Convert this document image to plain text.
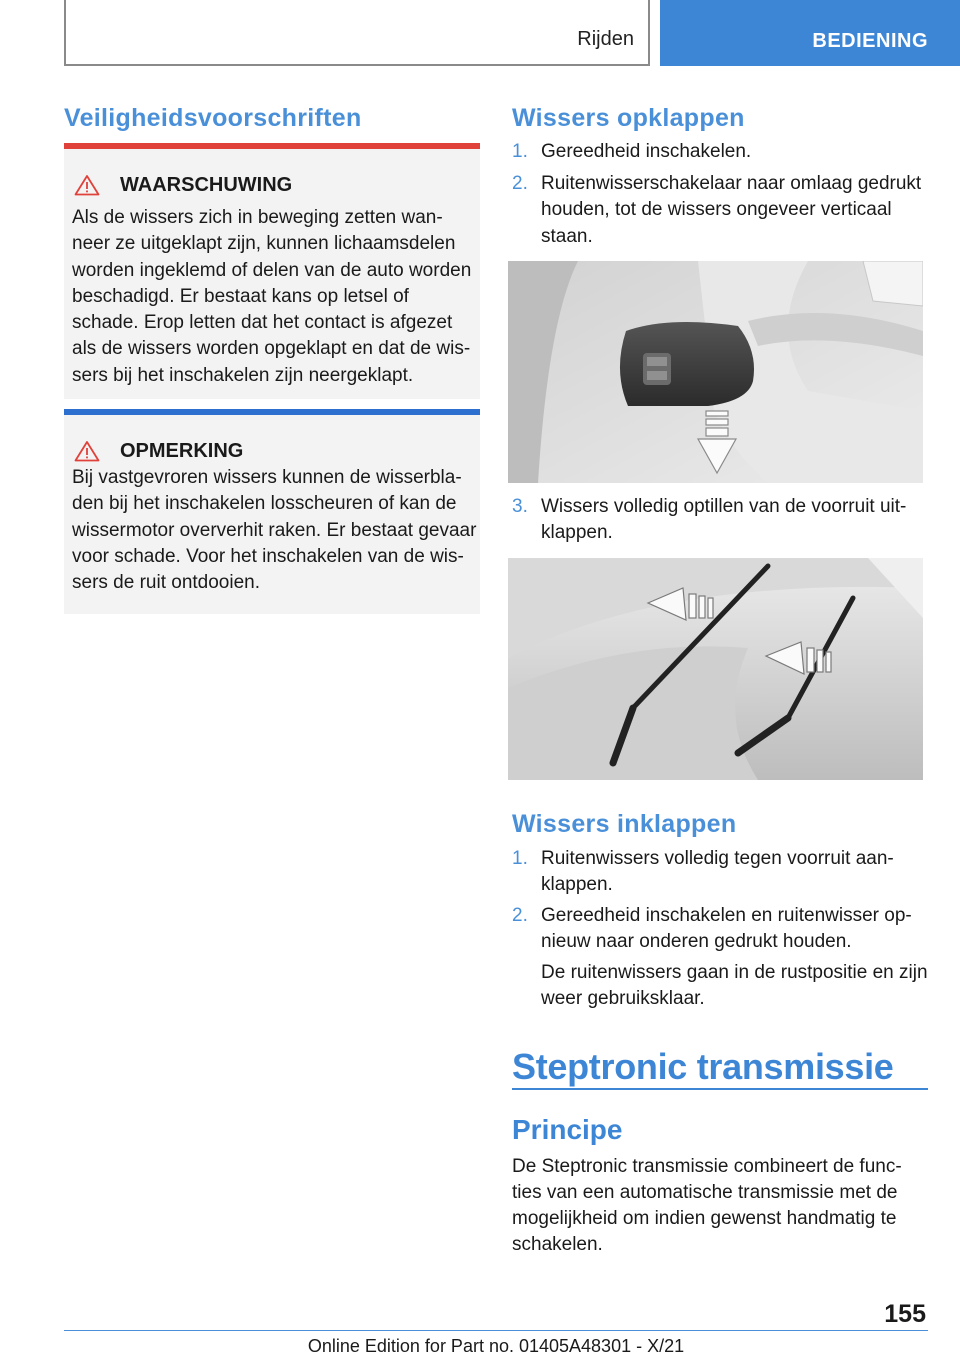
Rijden	BEDIENING
Veiligheidsvoorschriften
WAARSCHUWING
Als de wissers zich in beweging zetten wan-
neer ze uitgeklapt zijn, kunnen lichaamsdelen
worden ingeklemd of delen van de auto worden
beschadigd. Er bestaat kans op letsel of
schade. Erop letten dat het contact is afgezet
als de wissers worden opgeklapt en dat de wis-
sers bij het inschakelen zijn neergeklapt.
OPMERKING
Bij vastgevroren wissers kunnen de wisserbla-
den bij het inschakelen losscheuren of kan de
wissermotor oververhit raken. Er bestaat gevaar
voor schade. Voor het inschakelen van de wis-
sers de ruit ontdooien.
Wissers opklappen
1. Gereedheid inschakelen.
2. Ruitenwisserschakelaar naar omlaag gedrukt
houden, tot de wissers ongeveer verticaal
staan.
3. Wissers volledig optillen van de voorruit uit-
klappen.
Wissers inklappen
1. Ruitenwissers volledig tegen voorruit aan-
klappen.
2. Gereedheid inschakelen en ruitenwisser op-
nieuw naar onderen gedrukt houden.
De ruitenwissers gaan in de rustpositie en zijn
weer gebruiksklaar.
Steptronic transmissie
Principe
De Steptronic transmissie combineert de func-
ties van een automatische transmissie met de
mogelijkheid om indien gewenst handmatig te
schakelen.
155
Online Edition for Part no. 01405A48301 - X/21
